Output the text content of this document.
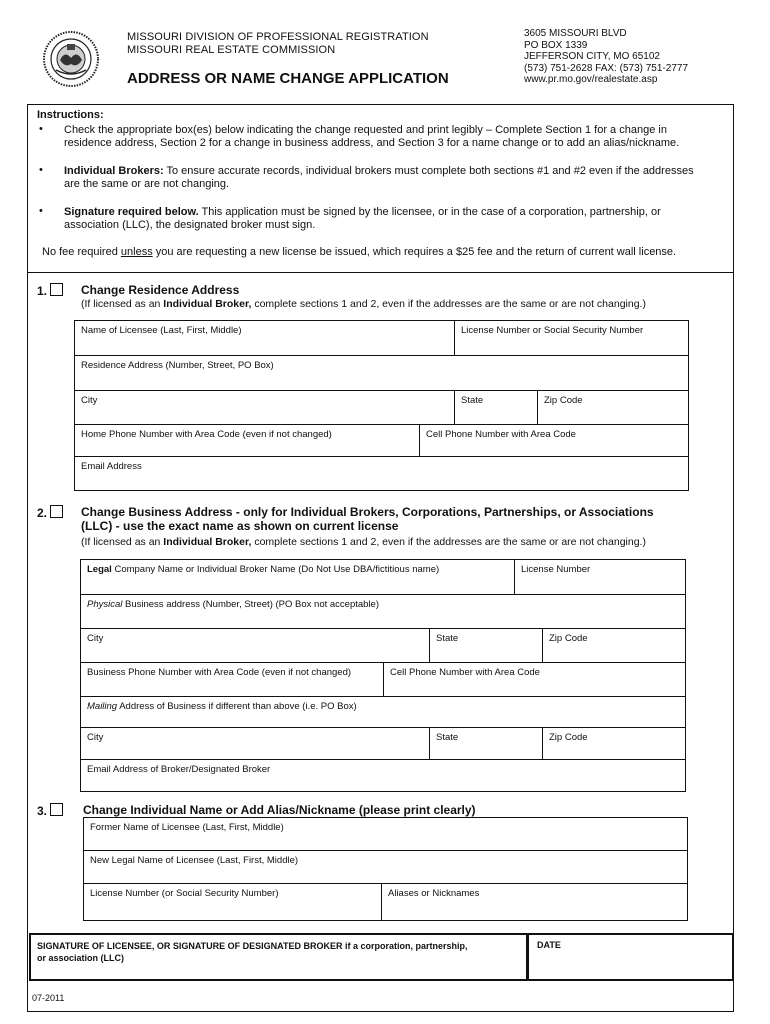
MISSOURI DIVISION OF PROFESSIONAL REGISTRATION
MISSOURI REAL ESTATE COMMISSION
ADDRESS OR NAME CHANGE APPLICATION
3605 MISSOURI BLVD
PO BOX 1339
JEFFERSON CITY, MO 65102
(573) 751-2628 FAX: (573) 751-2777
www.pr.mo.gov/realestate.asp
Instructions:
• Check the appropriate box(es) below indicating the change requested and print legibly – Complete Section 1 for a change in
residence address, Section 2 for a change in business address, and Section 3 for a name change or to add an alias/nickname.
• Individual Brokers: To ensure accurate records, individual brokers must complete both sections #1 and #2 even if the addresses
are the same or are not changing.
• Signature required below. This application must be signed by the licensee, or in the case of a corporation, partnership, or
association (LLC), the designated broker must sign.
No fee required unless you are requesting a new license be issued, which requires a $25 fee and the return of current wall license.
1.	Change Residence Address
(If licensed as an Individual Broker, complete sections 1 and 2, even if the addresses are the same or are not changing.)
Name of Licensee (Last, First, Middle)	License Number or Social Security Number
Residence Address (Number, Street, PO Box)
City	State	Zip Code
Home Phone Number with Area Code (even if not changed)	Cell Phone Number with Area Code
Email Address
2.	Change Business Address - only for Individual Brokers, Corporations, Partnerships, or Associations
(LLC) - use the exact name as shown on current license
(If licensed as an Individual Broker, complete sections 1 and 2, even if the addresses are the same or are not changing.)
Legal Company Name or Individual Broker Name (Do Not Use DBA/fictitious name)	License Number
Physical Business address (Number, Street) (PO Box not acceptable)
City	State	Zip Code
Business Phone Number with Area Code (even if not changed)	Cell Phone Number with Area Code
Mailing Address of Business if different than above (i.e. PO Box)
City	State	Zip Code
Email Address of Broker/Designated Broker
3.	Change Individual Name or Add Alias/Nickname (please print clearly)
Former Name of Licensee (Last, First, Middle)
New Legal Name of Licensee (Last, First, Middle)
License Number (or Social Security Number)	Aliases or Nicknames
SIGNATURE OF LICENSEE, OR SIGNATURE OF DESIGNATED BROKER if a corporation, partnership,
or association (LLC)
DATE
07-2011
